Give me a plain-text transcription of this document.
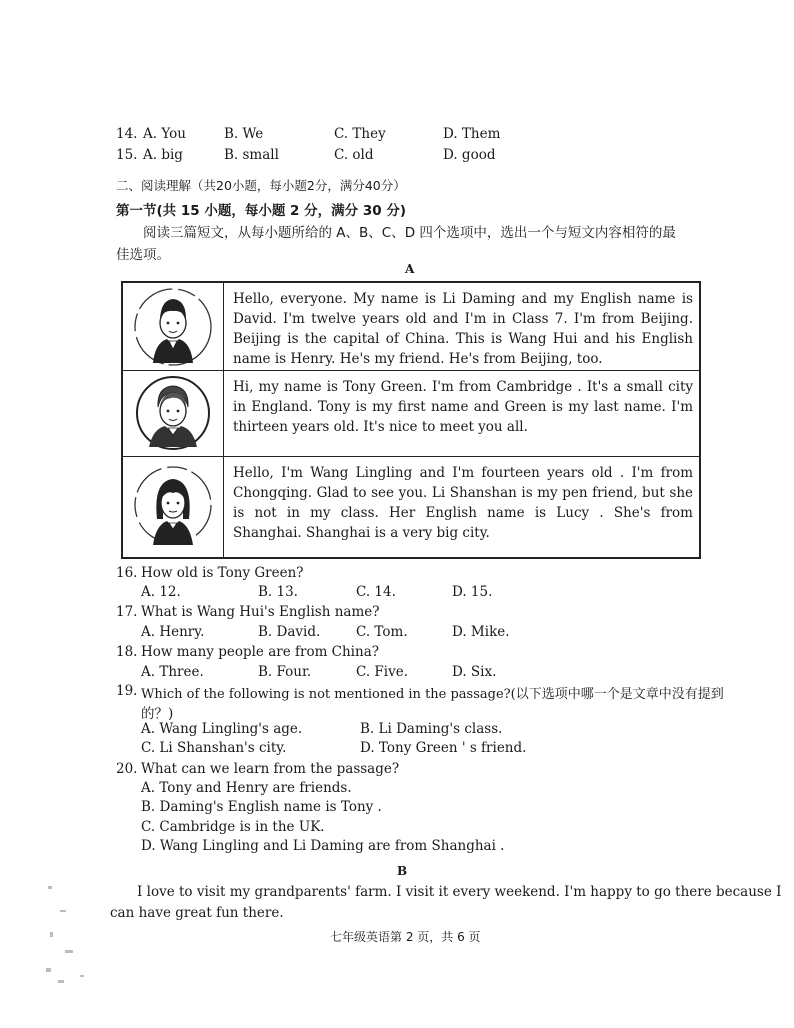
14. A. You	B. We	C. They	D. Them
15. A. big	B. small	C. old	D. good
二、阅读理解（共20小题，每小题2分，满分40分）
第一节(共 15 小题，每小题 2 分，满分 30 分)
阅读三篇短文，从每小题所给的 A、B、C、D 四个选项中，选出一个与短文内容相符的最
佳选项。
A
Hello, everyone. My name is Li Daming and my English name is David. I'm twelve years old and I'm in Class 7. I'm from Beijing. Beijing is the capital of China. This is Wang Hui and his English name is Henry. He's my friend. He's from Beijing, too.
Hi, my name is Tony Green. I'm from Cambridge . It's a small city in England. Tony is my first name and Green is my last name. I'm thirteen years old. It's nice to meet you all.
Hello, I'm Wang Lingling and I'm fourteen years old . I'm from Chongqing. Glad to see you. Li Shanshan is my pen friend, but she is not in my class. Her English name is Lucy . She's from Shanghai. Shanghai is a very big city.
16. How old is Tony Green?
A. 12.	B. 13.	C. 14.	D. 15.
17. What is Wang Hui's English name?
A. Henry.	B. David.	C. Tom.	D. Mike.
18. How many people are from China?
A. Three.	B. Four.	C. Five.	D. Six.
19. Which of the following is not mentioned in the passage?(以下选项中哪一个是文章中没有提到
的？)
A. Wang Lingling's age.	B. Li Daming's class.
C. Li Shanshan's city.	D. Tony Green ' s friend.
20. What can we learn from the passage?
A. Tony and Henry are friends.
B. Daming's English name is Tony .
C. Cambridge is in the UK.
D. Wang Lingling and Li Daming are from Shanghai .
B
I love to visit my grandparents' farm. I visit it every weekend. I'm happy to go there because I
can have great fun there.
七年级英语第 2 页，共 6 页
